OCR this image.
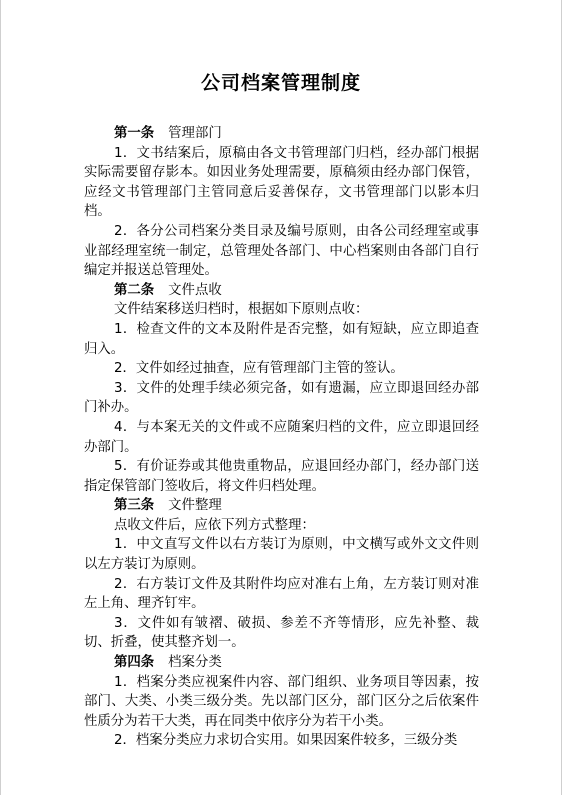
公司档案管理制度
第一条 管理部门
1．文书结案后，原稿由各文书管理部门归档，经办部门根据实际需要留存影本。如因业务处理需要，原稿须由经办部门保管，应经文书管理部门主管同意后妥善保存，文书管理部门以影本归档。
2．各分公司档案分类目录及编号原则，由各公司经理室或事业部经理室统一制定，总管理处各部门、中心档案则由各部门自行编定并报送总管理处。
第二条 文件点收
文件结案移送归档时，根据如下原则点收：
1．检查文件的文本及附件是否完整，如有短缺，应立即追查归入。
2．文件如经过抽查，应有管理部门主管的签认。
3．文件的处理手续必须完备，如有遗漏，应立即退回经办部门补办。
4．与本案无关的文件或不应随案归档的文件，应立即退回经办部门。
5．有价证券或其他贵重物品，应退回经办部门，经办部门送指定保管部门签收后，将文件归档处理。
第三条 文件整理
点收文件后，应依下列方式整理：
1．中文直写文件以右方装订为原则，中文横写或外文文件则以左方装订为原则。
2．右方装订文件及其附件均应对准右上角，左方装订则对准左上角、理齐钉牢。
3．文件如有皱褶、破损、参差不齐等情形，应先补整、裁切、折叠，使其整齐划一。
第四条 档案分类
1．档案分类应视案件内容、部门组织、业务项目等因素，按部门、大类、小类三级分类。先以部门区分，部门区分之后依案件性质分为若干大类，再在同类中依序分为若干小类。
2．档案分类应力求切合实用。如果因案件较多，三级分类
